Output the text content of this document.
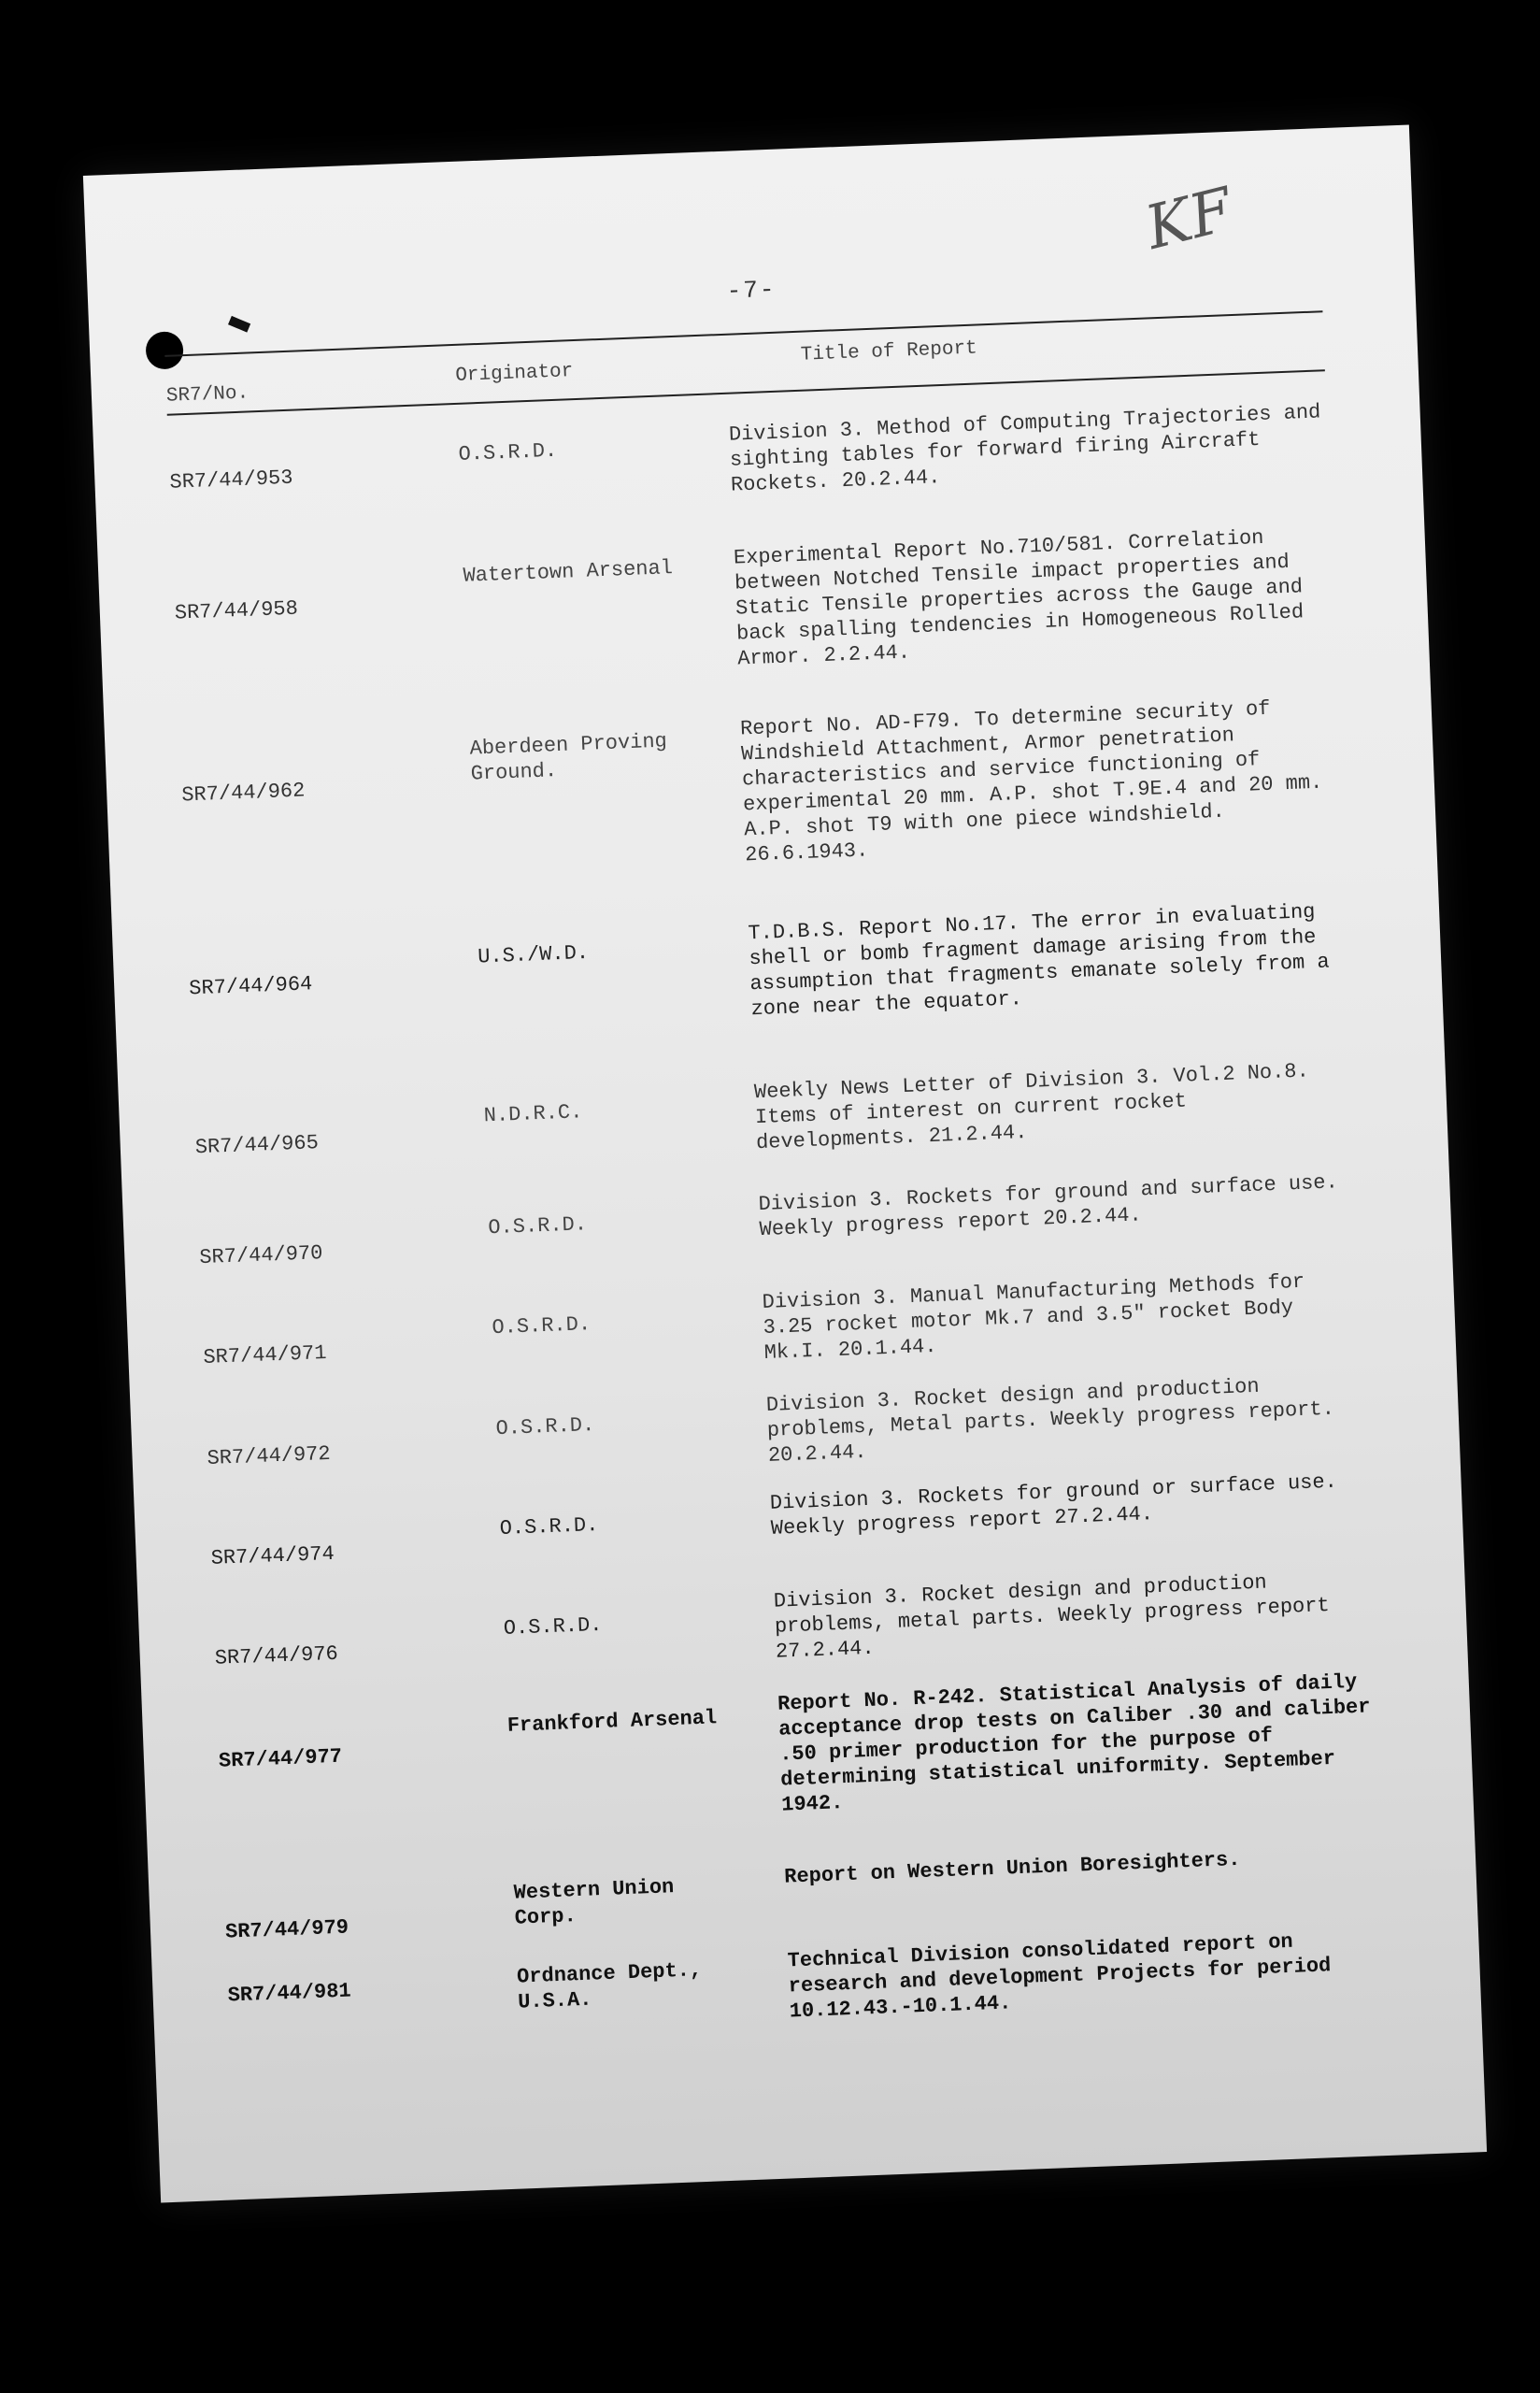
-7-
KF
SR7/No.
Originator
Title of Report
SR7/44/953
O.S.R.D.
Division 3. Method of Computing Trajectories and sighting tables for forward firing Aircraft Rockets. 20.2.44.
SR7/44/958
Watertown Arsenal
Experimental Report No.710/581. Correlation between Notched Tensile impact properties and Static Tensile properties across the Gauge and back spalling tendencies in Homogeneous Rolled Armor. 2.2.44.
SR7/44/962
Aberdeen Proving Ground.
Report No. AD-F79. To determine security of Windshield Attachment, Armor penetration characteristics and service functioning of experimental 20 mm. A.P. shot T.9E.4 and 20 mm. A.P. shot T9 with one piece windshield. 26.6.1943.
SR7/44/964
U.S./W.D.
T.D.B.S. Report No.17. The error in evaluating shell or bomb fragment damage arising from the assumption that fragments emanate solely from a zone near the equator.
SR7/44/965
N.D.R.C.
Weekly News Letter of Division 3. Vol.2 No.8. Items of interest on current rocket developments. 21.2.44.
SR7/44/970
O.S.R.D.
Division 3. Rockets for ground and surface use. Weekly progress report 20.2.44.
SR7/44/971
O.S.R.D.
Division 3. Manual Manufacturing Methods for 3.25 rocket motor Mk.7 and 3.5" rocket Body Mk.I. 20.1.44.
SR7/44/972
O.S.R.D.
Division 3. Rocket design and production problems, Metal parts. Weekly progress report. 20.2.44.
SR7/44/974
O.S.R.D.
Division 3. Rockets for ground or surface use. Weekly progress report 27.2.44.
SR7/44/976
O.S.R.D.
Division 3. Rocket design and production problems, metal parts. Weekly progress report 27.2.44.
SR7/44/977
Frankford Arsenal
Report No. R-242. Statistical Analysis of daily acceptance drop tests on Caliber .30 and caliber .50 primer production for the purpose of determining statistical uniformity. September 1942.
SR7/44/979
Western Union Corp.
Report on Western Union Boresighters.
SR7/44/981
Ordnance Dept., U.S.A.
Technical Division consolidated report on research and development Projects for period 10.12.43.-10.1.44.
